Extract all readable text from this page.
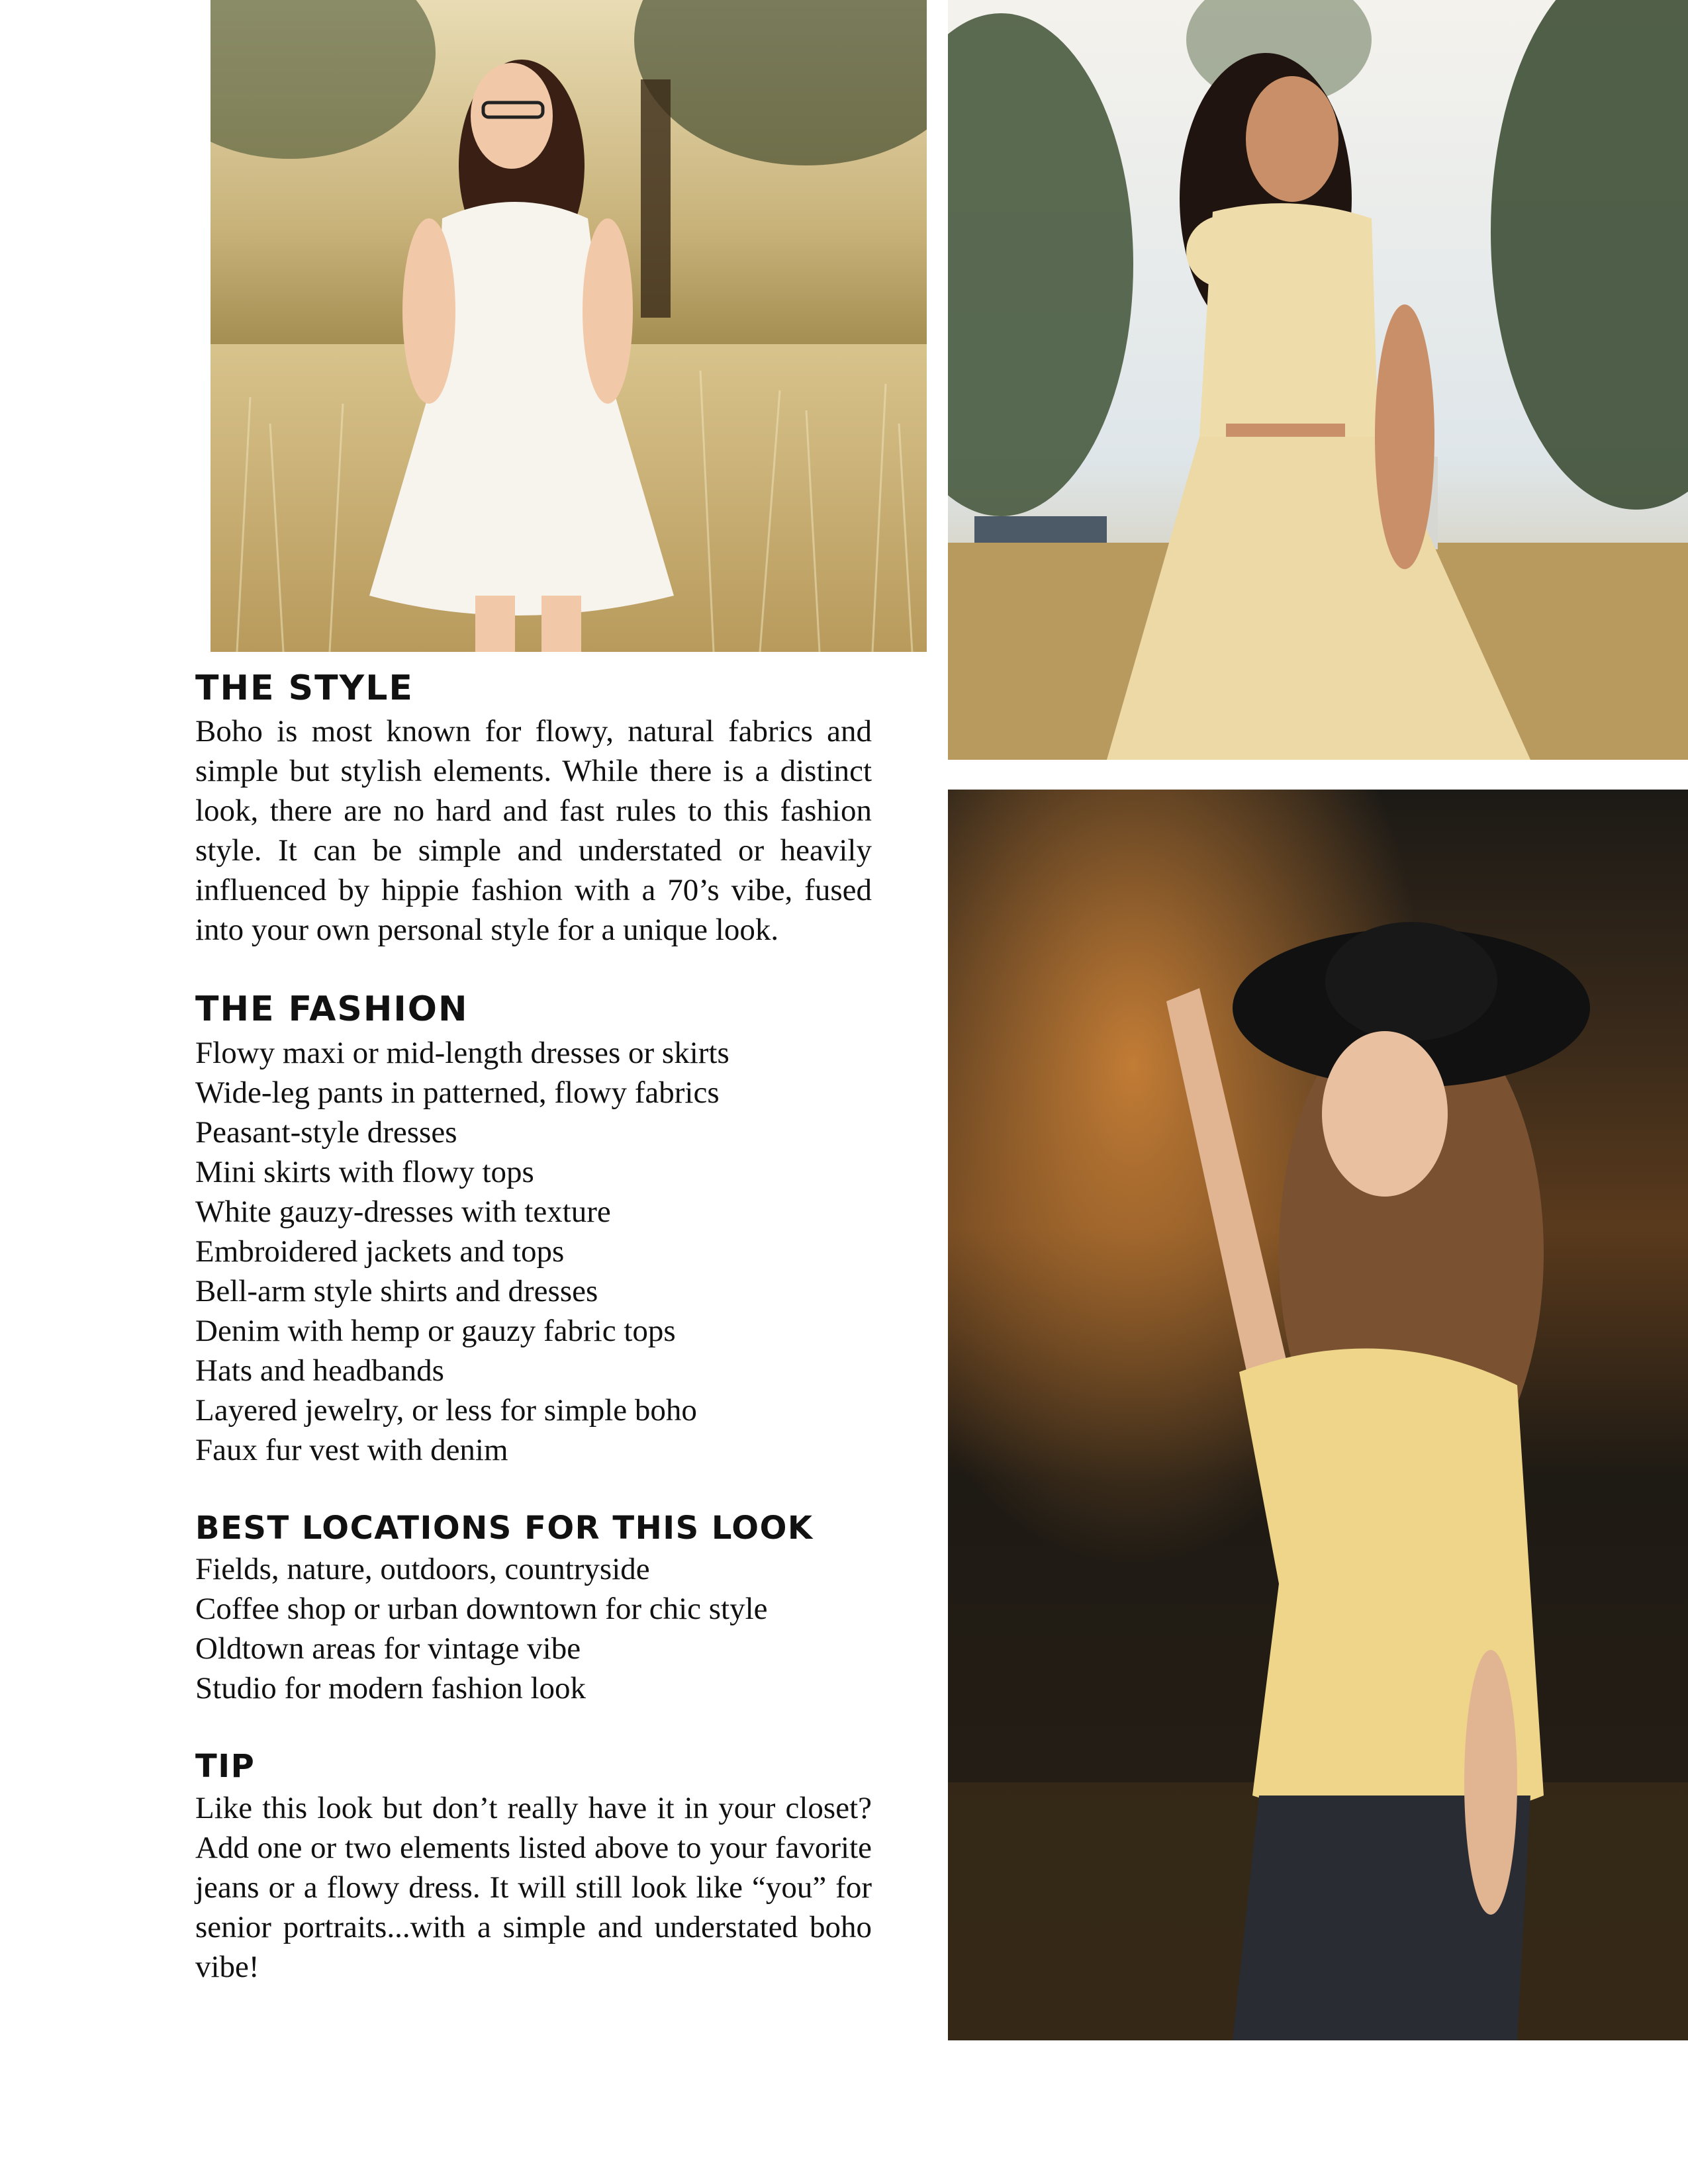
THE STYLE

Boho is most known for flowy, natural fabrics and simple but stylish elements. While there is a distinct look, there are no hard and fast rules to this fashion style. It can be simple and understated or heavily influenced by hippie fashion with a 70’s vibe, fused into your own personal style for a unique look.

THE FASHION
Flowy maxi or mid-length dresses or skirts
Wide-leg pants in patterned, flowy fabrics
Peasant-style dresses
Mini skirts with flowy tops
White gauzy-dresses with texture
Embroidered jackets and tops
Bell-arm style shirts and dresses
Denim with hemp or gauzy fabric tops
Hats and headbands
Layered jewelry, or less for simple boho
Faux fur vest with denim
BEST LOCATIONS FOR THIS LOOK
Fields, nature, outdoors, countryside
Coffee shop or urban downtown for chic style
Oldtown areas for vintage vibe
Studio for modern fashion look
TIP

Like this look but don’t really have it in your closet? Add one or two elements listed above to your favorite jeans or a flowy dress. It will still look like “you” for senior portraits...with a simple and understated boho vibe!
